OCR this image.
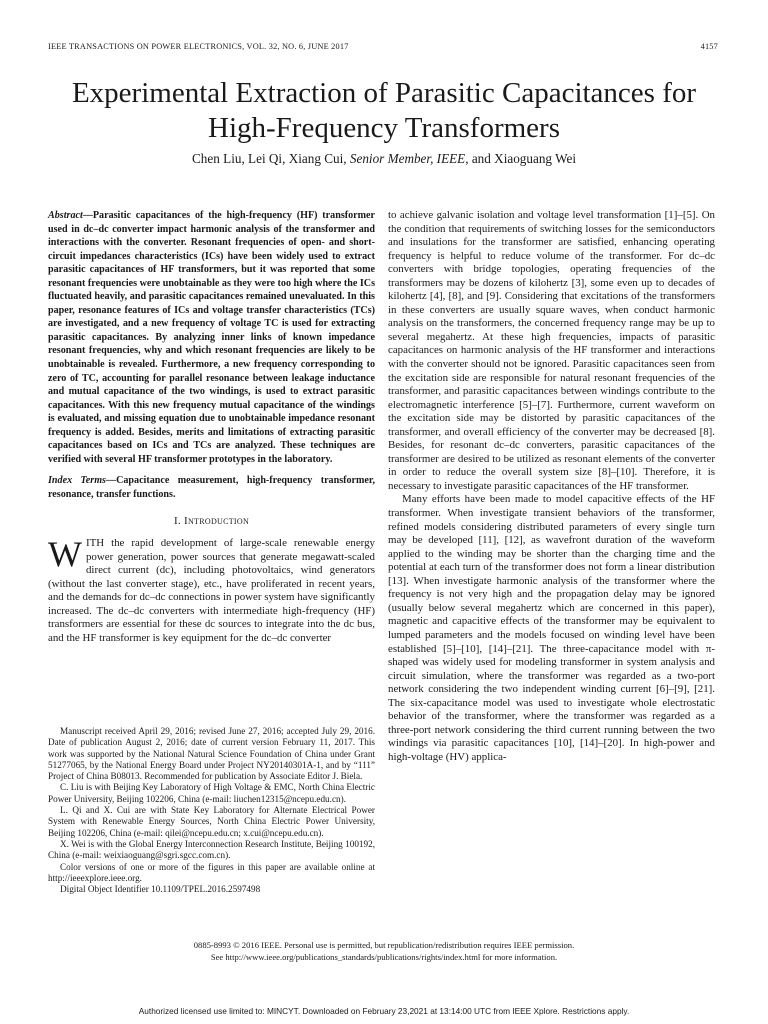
IEEE TRANSACTIONS ON POWER ELECTRONICS, VOL. 32, NO. 6, JUNE 2017	4157
Experimental Extraction of Parasitic Capacitances for High-Frequency Transformers
Chen Liu, Lei Qi, Xiang Cui, Senior Member, IEEE, and Xiaoguang Wei

Abstract—Parasitic capacitances of the high-frequency (HF) transformer used in dc–dc converter impact harmonic analysis of the transformer and interactions with the converter. Resonant frequencies of open- and short-circuit impedances characteristics (ICs) have been widely used to extract parasitic capacitances of HF transformers, but it was reported that some resonant frequencies were unobtainable as they were too high where the ICs fluctuated heavily, and parasitic capacitances remained unevaluated. In this paper, resonance features of ICs and voltage transfer characteristics (TCs) are investigated, and a new frequency of voltage TC is used for extracting parasitic capacitances. By analyzing inner links of known impedance resonant frequencies, why and which resonant frequencies are likely to be unobtainable is revealed. Furthermore, a new frequency corresponding to zero of TC, accounting for parallel resonance between leakage inductance and mutual capacitance of the two windings, is used to extract parasitic capacitances. With this new frequency mutual capacitance of the windings is evaluated, and missing equation due to unobtainable impedance resonant frequency is added. Besides, merits and limitations of extracting parasitic capacitances based on ICs and TCs are analyzed. These techniques are verified with several HF transformer prototypes in the laboratory.

Index Terms—Capacitance measurement, high-frequency transformer, resonance, transfer functions.

I. Introduction

WITH the rapid development of large-scale renewable energy power generation, power sources that generate megawatt-scaled direct current (dc), including photovoltaics, wind generators (without the last converter stage), etc., have proliferated in recent years, and the demands for dc–dc connections in power system have significantly increased. The dc–dc converters with intermediate high-frequency (HF) transformers are essential for these dc sources to integrate into the dc bus, and the HF transformer is key equipment for the dc–dc converter

Manuscript received April 29, 2016; revised June 27, 2016; accepted July 29, 2016. Date of publication August 2, 2016; date of current version February 11, 2017. This work was supported by the National Natural Science Foundation of China under Grant 51277065, by the National Energy Board under Project NY20140301A-1, and by “111” Project of China B08013. Recommended for publication by Associate Editor J. Biela.

C. Liu is with Beijing Key Laboratory of High Voltage & EMC, North China Electric Power University, Beijing 102206, China (e-mail: liuchen12315@ncepu.edu.cn).

L. Qi and X. Cui are with State Key Laboratory for Alternate Electrical Power System with Renewable Energy Sources, North China Electric Power University, Beijing 102206, China (e-mail: qilei@ncepu.edu.cn; x.cui@ncepu.edu.cn).

X. Wei is with the Global Energy Interconnection Research Institute, Beijing 100192, China (e-mail: weixiaoguang@sgri.sgcc.com.cn).

Color versions of one or more of the figures in this paper are available online at http://ieeexplore.ieee.org.

Digital Object Identifier 10.1109/TPEL.2016.2597498

to achieve galvanic isolation and voltage level transformation [1]–[5]. On the condition that requirements of switching losses for the semiconductors and insulations for the transformer are satisfied, enhancing operating frequency is helpful to reduce volume of the transformer. For dc–dc converters with bridge topologies, operating frequencies of the transformers may be dozens of kilohertz [3], some even up to decades of kilohertz [4], [8], and [9]. Considering that excitations of the transformers in these converters are usually square waves, when conduct harmonic analysis on the transformers, the concerned frequency range may be up to several megahertz. At these high frequencies, impacts of parasitic capacitances on harmonic analysis of the HF transformer and interactions with the converter should not be ignored. Parasitic capacitances seen from the excitation side are responsible for natural resonant frequencies of the transformer, and parasitic capacitances between windings contribute to the electromagnetic interference [5]–[7]. Furthermore, current waveform on the excitation side may be distorted by parasitic capacitances of the transformer, and overall efficiency of the converter may be decreased [8]. Besides, for resonant dc–dc converters, parasitic capacitances of the transformer are desired to be utilized as resonant elements of the converter in order to reduce the overall system size [8]–[10]. Therefore, it is necessary to investigate parasitic capacitances of the HF transformer.

Many efforts have been made to model capacitive effects of the HF transformer. When investigate transient behaviors of the transformer, refined models considering distributed parameters of every single turn may be developed [11], [12], as wavefront duration of the waveform applied to the winding may be shorter than the charging time and the potential at each turn of the transformer does not form a linear distribution [13]. When investigate harmonic analysis of the transformer where the frequency is not very high and the propagation delay may be ignored (usually below several megahertz which are concerned in this paper), magnetic and capacitive effects of the transformer may be equivalent to lumped parameters and the models focused on winding level have been established [5]–[10], [14]–[21]. The three-capacitance model with π-shaped was widely used for modeling transformer in system analysis and circuit simulation, where the transformer was regarded as a two-port network considering the two independent winding current [6]–[9], [21]. The six-capacitance model was used to investigate whole electrostatic behavior of the transformer, where the transformer was regarded as a three-port network considering the third current running between the two windings via parasitic capacitances [10], [14]–[20]. In high-power and high-voltage (HV) applica-

0885-8993 © 2016 IEEE. Personal use is permitted, but republication/redistribution requires IEEE permission.
See http://www.ieee.org/publications_standards/publications/rights/index.html for more information.
Authorized licensed use limited to: MINCYT. Downloaded on February 23,2021 at 13:14:00 UTC from IEEE Xplore. Restrictions apply.
